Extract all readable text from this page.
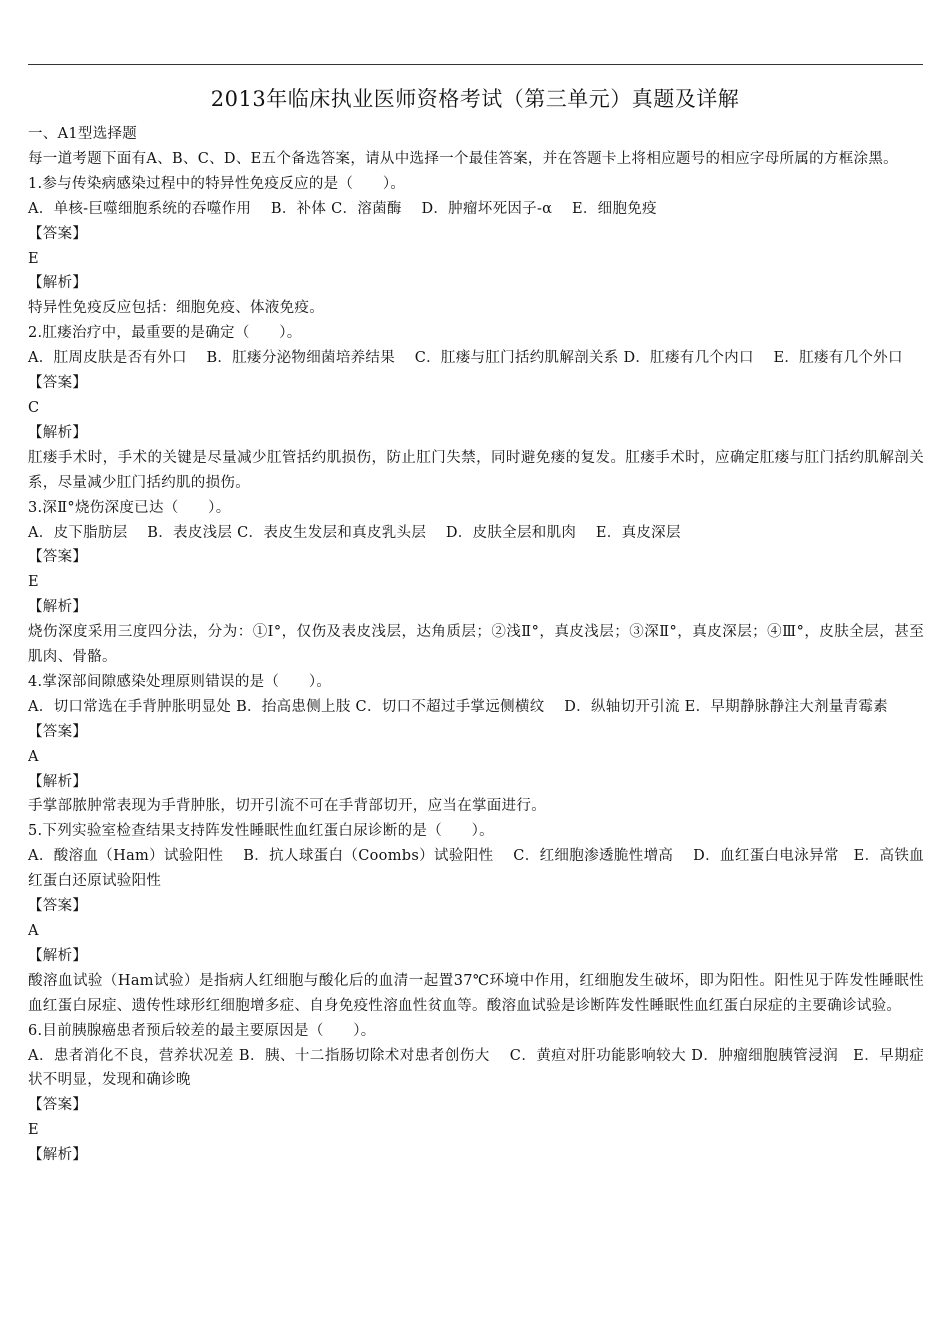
2013年临床执业医师资格考试（第三单元）真题及详解
一、A1型选择题
每一道考题下面有A、B、C、D、E五个备选答案，请从中选择一个最佳答案，并在答题卡上将相应题号的相应字母所属的方框涂黑。
1.参与传染病感染过程中的特异性免疫反应的是（　　）。
A．单核-巨噬细胞系统的吞噬作用　 B．补体 C．溶菌酶　 D．肿瘤坏死因子-α　 E．细胞免疫
【答案】
E
【解析】
特异性免疫反应包括：细胞免疫、体液免疫。
2.肛瘘治疗中，最重要的是确定（　　）。
A．肛周皮肤是否有外口　 B．肛瘘分泌物细菌培养结果　 C．肛瘘与肛门括约肌解剖关系 D．肛瘘有几个内口　 E．肛瘘有几个外口
【答案】
C
【解析】
肛瘘手术时，手术的关键是尽量减少肛管括约肌损伤，防止肛门失禁，同时避免瘘的复发。肛瘘手术时，应确定肛瘘与肛门括约肌解剖关系，尽量减少肛门括约肌的损伤。
3.深Ⅱ°烧伤深度已达（　　）。
A．皮下脂肪层　 B．表皮浅层 C．表皮生发层和真皮乳头层　 D．皮肤全层和肌肉　 E．真皮深层
【答案】
E
【解析】
烧伤深度采用三度四分法，分为：①Ⅰ°，仅伤及表皮浅层，达角质层；②浅Ⅱ°，真皮浅层；③深Ⅱ°，真皮深层；④Ⅲ°，皮肤全层，甚至肌肉、骨骼。
4.掌深部间隙感染处理原则错误的是（　　）。
A．切口常选在手背肿胀明显处 B．抬高患侧上肢 C．切口不超过手掌远侧横纹　 D．纵轴切开引流 E．早期静脉静注大剂量青霉素
【答案】
A
【解析】
手掌部脓肿常表现为手背肿胀，切开引流不可在手背部切开，应当在掌面进行。
5.下列实验室检查结果支持阵发性睡眠性血红蛋白尿诊断的是（　　）。
A．酸溶血（Ham）试验阳性　 B．抗人球蛋白（Coombs）试验阳性　 C．红细胞渗透脆性增高　 D．血红蛋白电泳异常　E．高铁血红蛋白还原试验阳性
【答案】
A
【解析】
酸溶血试验（Ham试验）是指病人红细胞与酸化后的血清一起置37℃环境中作用，红细胞发生破坏，即为阳性。阳性见于阵发性睡眠性血红蛋白尿症、遗传性球形红细胞增多症、自身免疫性溶血性贫血等。酸溶血试验是诊断阵发性睡眠性血红蛋白尿症的主要确诊试验。
6.目前胰腺癌患者预后较差的最主要原因是（　　）。
A．患者消化不良，营养状况差 B．胰、十二指肠切除术对患者创伤大　 C．黄疸对肝功能影响较大 D．肿瘤细胞胰管浸润　E．早期症状不明显，发现和确诊晚
【答案】
E
【解析】
